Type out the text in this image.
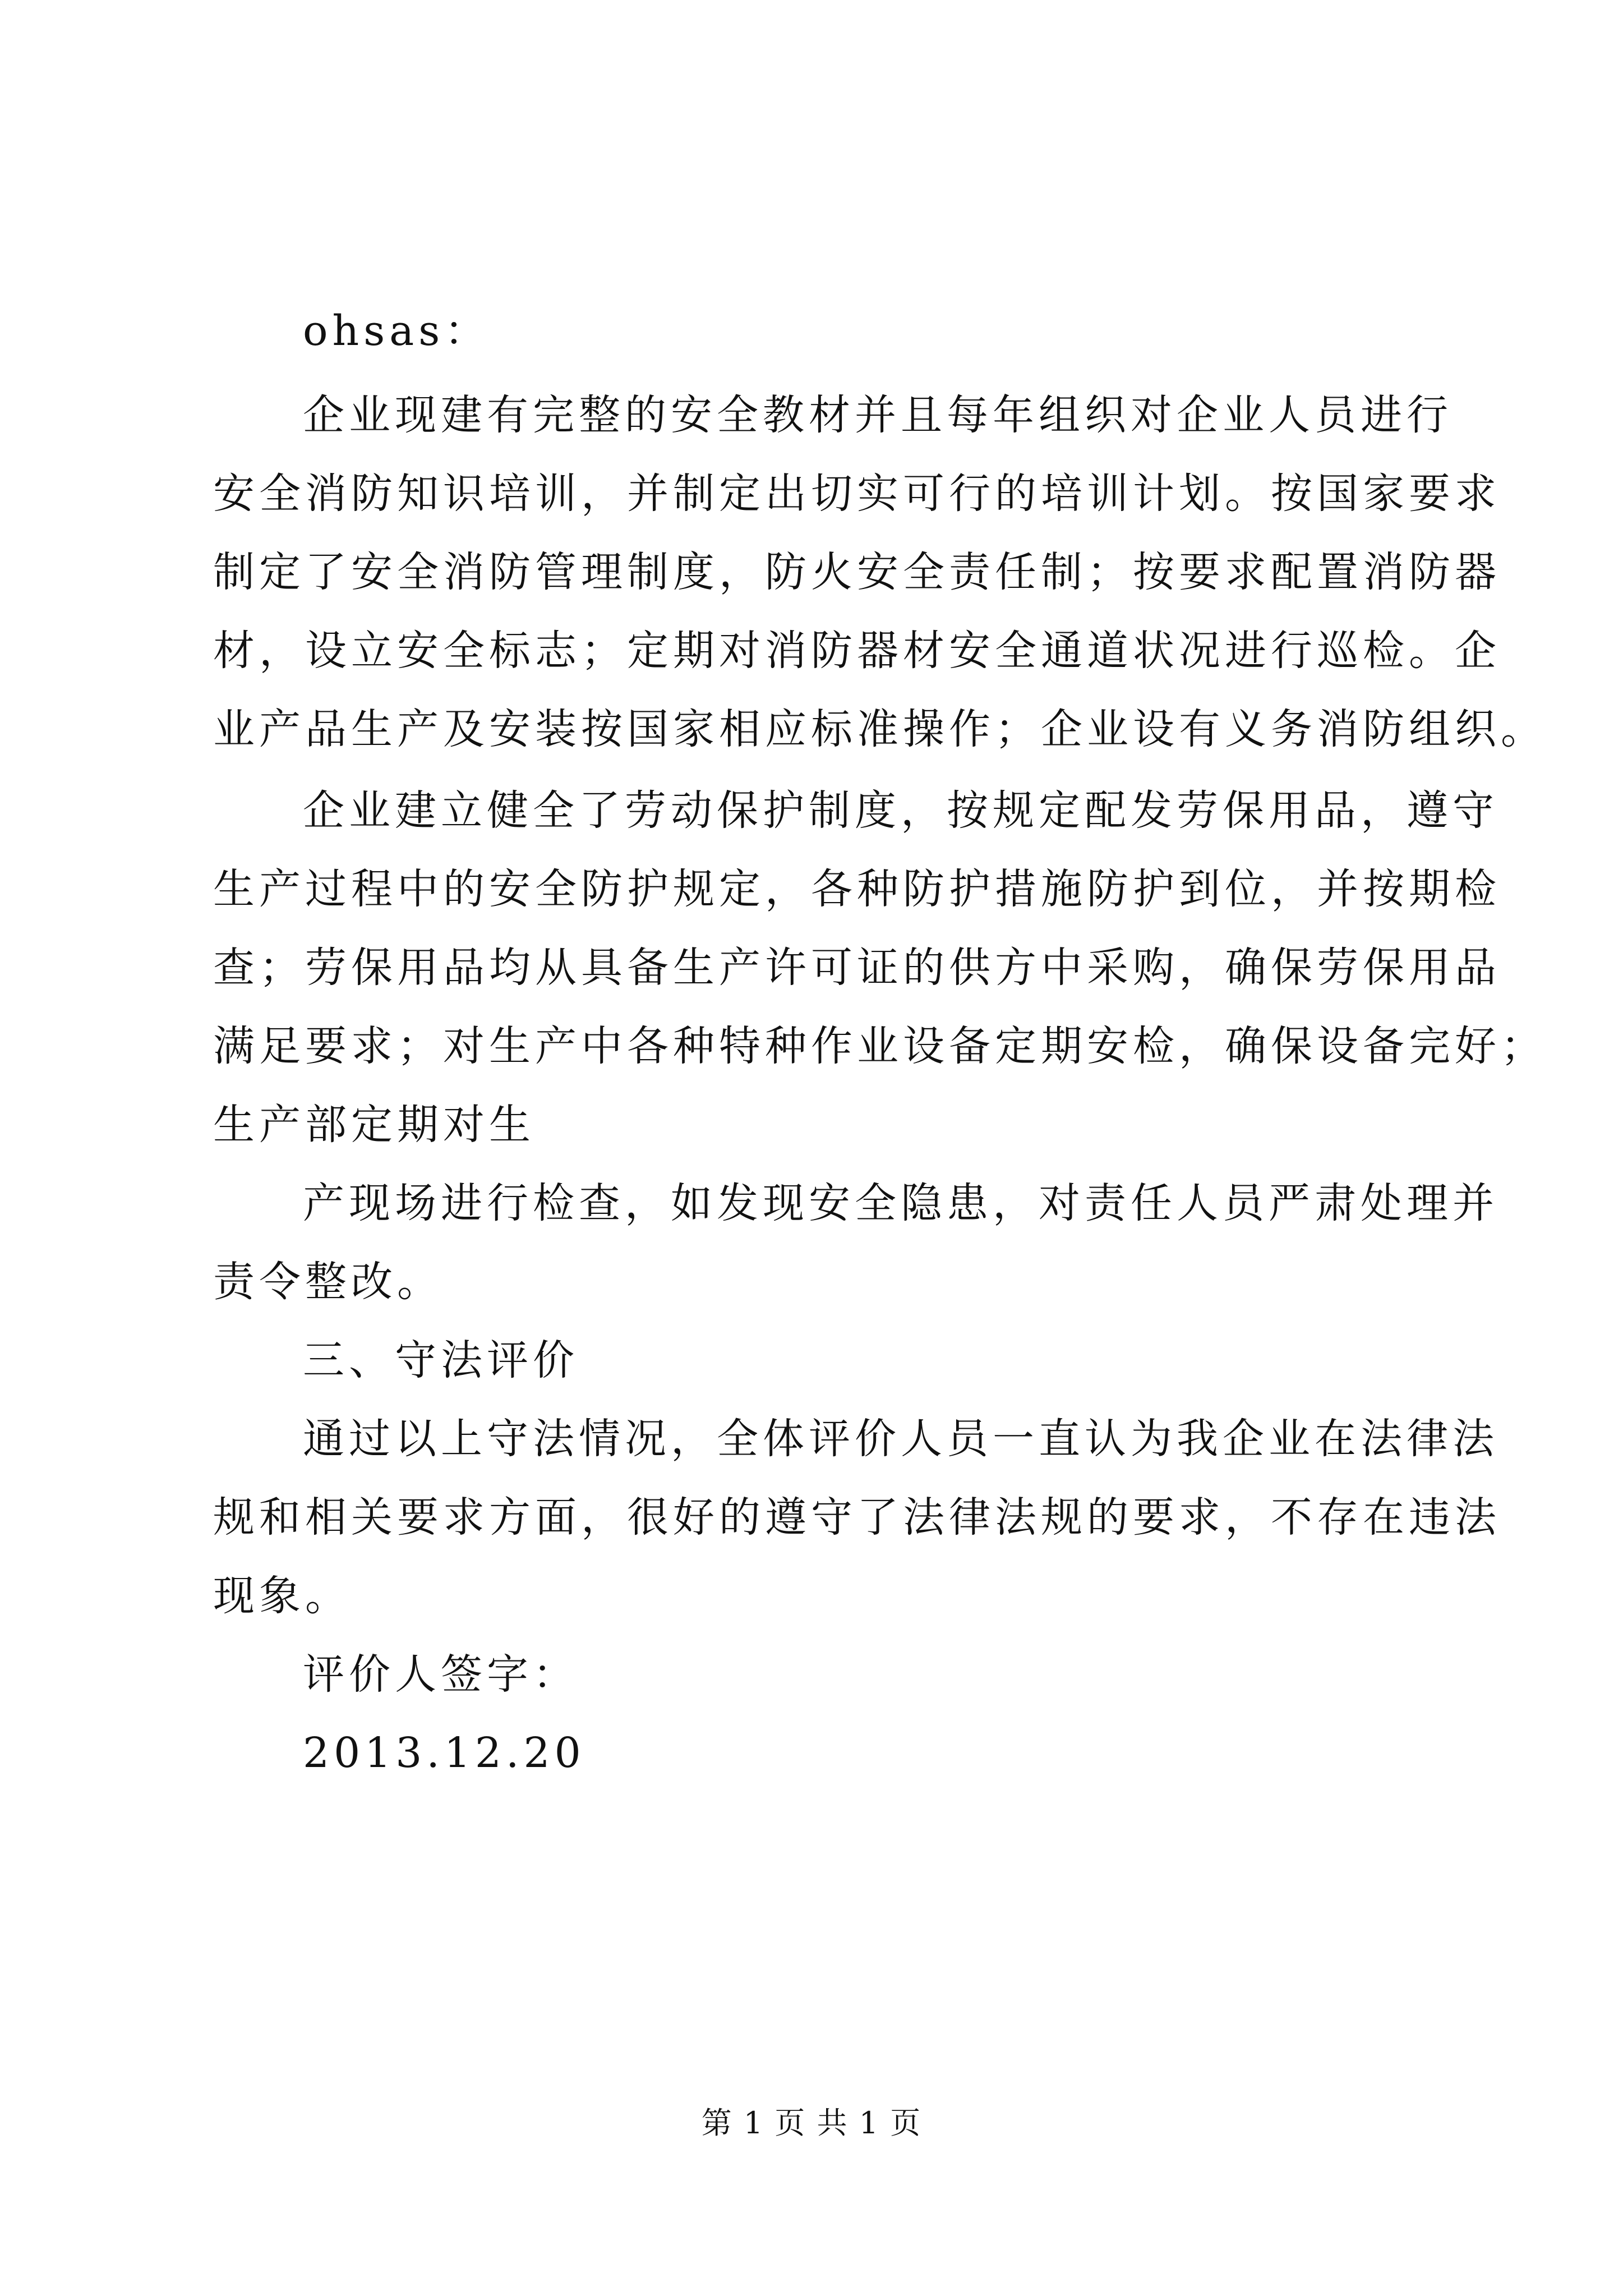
ohsas：
企业现建有完整的安全教材并且每年组织对企业人员进行
安全消防知识培训，并制定出切实可行的培训计划。按国家要求
制定了安全消防管理制度，防火安全责任制；按要求配置消防器
材，设立安全标志；定期对消防器材安全通道状况进行巡检。企
业产品生产及安装按国家相应标准操作；企业设有义务消防组织。
企业建立健全了劳动保护制度，按规定配发劳保用品，遵守
生产过程中的安全防护规定，各种防护措施防护到位，并按期检
查；劳保用品均从具备生产许可证的供方中采购，确保劳保用品
满足要求；对生产中各种特种作业设备定期安检，确保设备完好；
生产部定期对生
产现场进行检查，如发现安全隐患，对责任人员严肃处理并
责令整改。
三、守法评价
通过以上守法情况，全体评价人员一直认为我企业在法律法
规和相关要求方面，很好的遵守了法律法规的要求，不存在违法
现象。
评价人签字：
2013.12.20
第 1 页 共 1 页
